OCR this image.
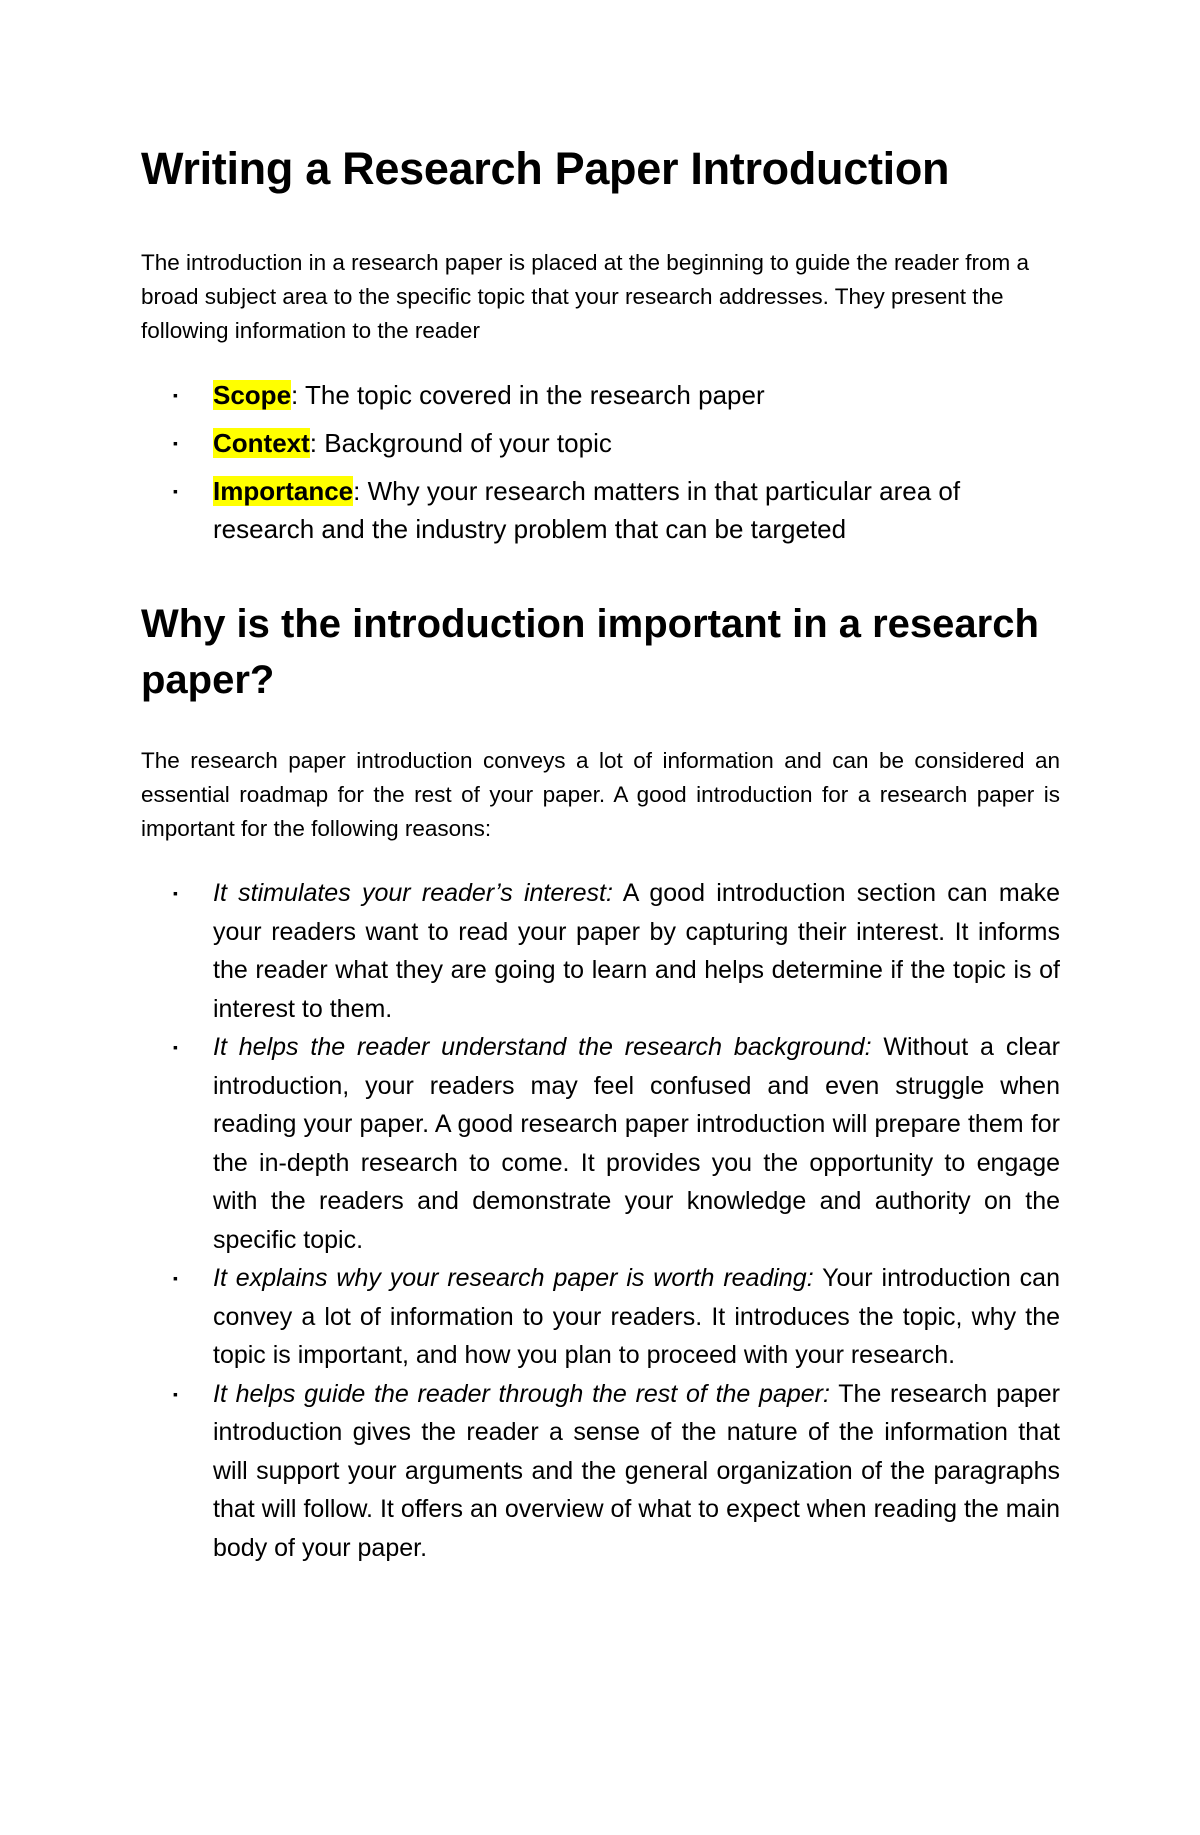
Writing a Research Paper Introduction

The introduction in a research paper is placed at the beginning to guide the reader from a broad subject area to the specific topic that your research addresses. They present the following information to the reader

▪ Scope: The topic covered in the research paper
▪ Context: Background of your topic
▪ Importance: Why your research matters in that particular area of research and the industry problem that can be targeted
Why is the introduction important in a research paper?

The research paper introduction conveys a lot of information and can be considered an essential roadmap for the rest of your paper. A good introduction for a research paper is important for the following reasons:

▪ It stimulates your reader’s interest: A good introduction section can make your readers want to read your paper by capturing their interest. It informs the reader what they are going to learn and helps determine if the topic is of interest to them.
▪ It helps the reader understand the research background: Without a clear introduction, your readers may feel confused and even struggle when reading your paper. A good research paper introduction will prepare them for the in-depth research to come. It provides you the opportunity to engage with the readers and demonstrate your knowledge and authority on the specific topic.
▪ It explains why your research paper is worth reading: Your introduction can convey a lot of information to your readers. It introduces the topic, why the topic is important, and how you plan to proceed with your research.
▪ It helps guide the reader through the rest of the paper: The research paper introduction gives the reader a sense of the nature of the information that will support your arguments and the general organization of the paragraphs that will follow. It offers an overview of what to expect when reading the main body of your paper.
